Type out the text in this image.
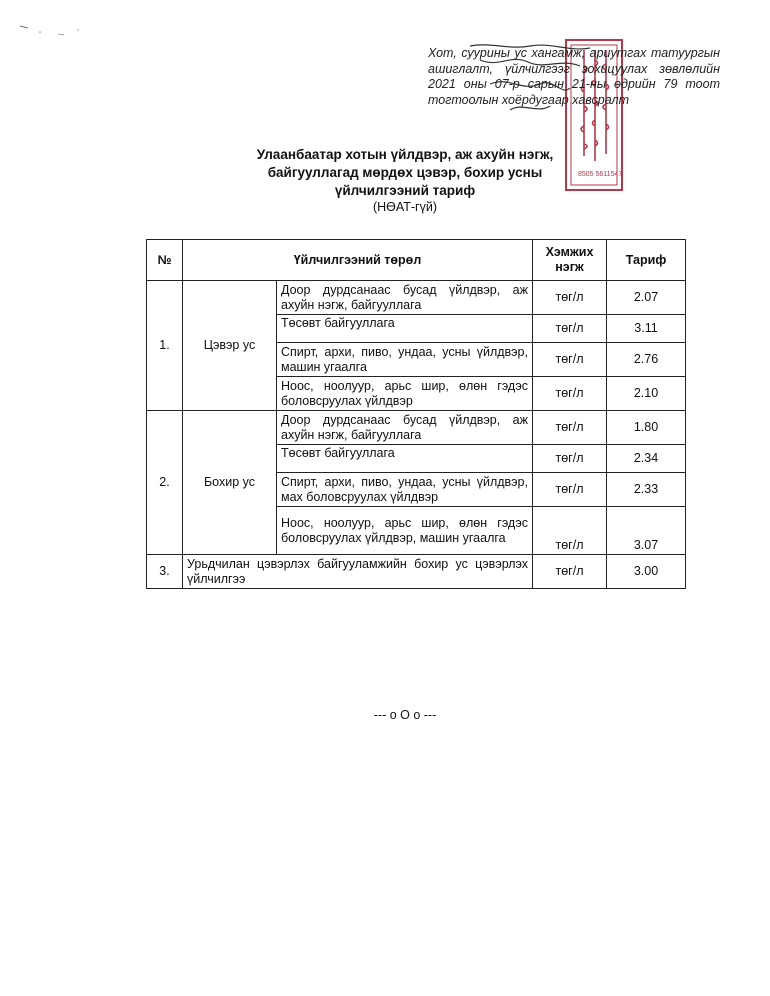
8505 5611547
Хот, суурины ус хангамж, ариутгах татуургын ашиглалт, үйлчилгээг зохицуулах зөвлөлийн 2021 оны 07-р сарын 21-ны өдрийн 79 тоот тогтоолын хоёрдугаар хавсралт
Улаанбаатар хотын үйлдвэр, аж ахуйн нэгж,
байгууллагад мөрдөх цэвэр, бохир усны
үйлчилгээний тариф
(НӨАТ-гүй)
№	Үйлчилгээний төрөл		Хэмжих нэгж	Тариф
1.	Цэвэр ус	Доор дурдсанаас бусад үйлдвэр, аж ахуйн нэгж, байгууллага	төг/л	2.07
		Төсөвт байгууллага	төг/л	3.11
		Спирт, архи, пиво, ундаа, усны үйлдвэр, машин угаалга	төг/л	2.76
		Ноос, ноолуур, арьс шир, өлөн гэдэс боловсруулах үйлдвэр	төг/л	2.10
2.	Бохир ус	Доор дурдсанаас бусад үйлдвэр, аж ахуйн нэгж, байгууллага	төг/л	1.80
		Төсөвт байгууллага	төг/л	2.34
		Спирт, архи, пиво, ундаа, усны үйлдвэр, мах боловсруулах үйлдвэр	төг/л	2.33
		Ноос, ноолуур, арьс шир, өлөн гэдэс боловсруулах үйлдвэр, машин угаалга	төг/л	3.07
3.	Урьдчилан цэвэрлэх байгууламжийн бохир ус цэвэрлэх үйлчилгээ		төг/л	3.00
--- o O o ---
